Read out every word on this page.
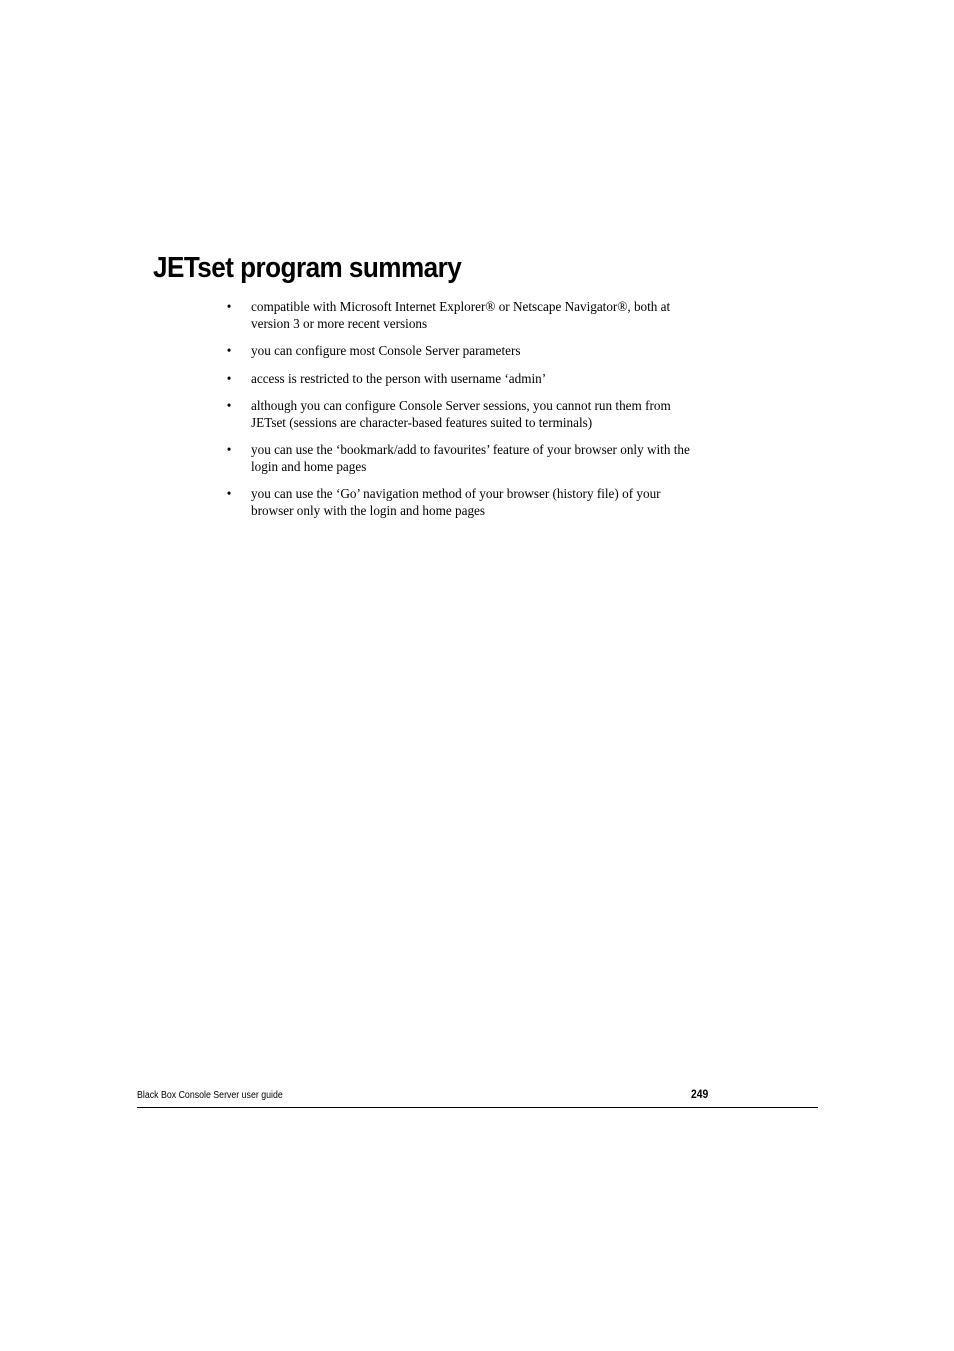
JETset program summary
• compatible with Microsoft Internet Explorer® or Netscape Navigator®, both at version 3 or more recent versions
• you can configure most Console Server parameters
• access is restricted to the person with username ‘admin’
• although you can configure Console Server sessions, you cannot run them from JETset (sessions are character-based features suited to terminals)
• you can use the ‘bookmark/add to favourites’ feature of your browser only with the login and home pages
• you can use the ‘Go’ navigation method of your browser (history file) of your browser only with the login and home pages
Black Box Console Server user guide	249
